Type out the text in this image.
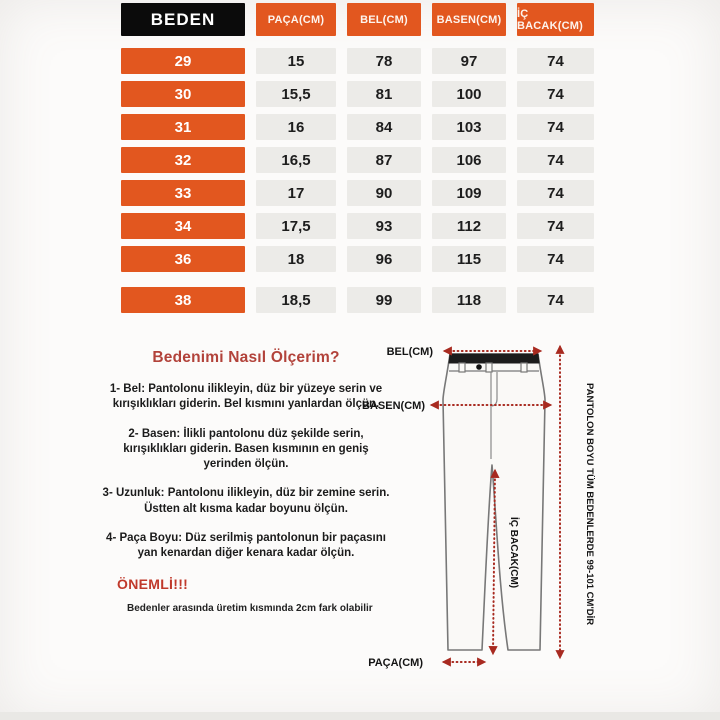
BEDEN	PAÇA(CM)	BEL(CM)	BASEN(CM)	İÇ BACAK(CM)
29	15	78	97	74
30	15,5	81	100	74
31	16	84	103	74
32	16,5	87	106	74
33	17	90	109	74
34	17,5	93	112	74
36	18	96	115	74
38	18,5	99	118	74
Bedenimi Nasıl Ölçerim?

1- Bel: Pantolonu ilikleyin, düz bir yüzeye serin ve kırışıklıkları giderin. Bel kısmını yanlardan ölçün.

2- Basen: İlikli pantolonu düz şekilde serin, kırışıklıkları giderin. Basen kısmının en geniş yerinden ölçün.

3- Uzunluk: Pantolonu ilikleyin, düz bir zemine serin. Üstten alt kısma kadar boyunu ölçün.

4- Paça Boyu: Düz serilmiş pantolonun bir paçasını yan kenardan diğer kenara kadar ölçün.

ÖNEMLİ!!!
Bedenler arasında üretim kısmında 2cm fark olabilir
BEL(CM)
BASEN(CM)
İÇ BACAK(CM)
PAÇA(CM)
PANTOLON BOYU TÜM BEDENLERDE 99-101 CM'DİR
